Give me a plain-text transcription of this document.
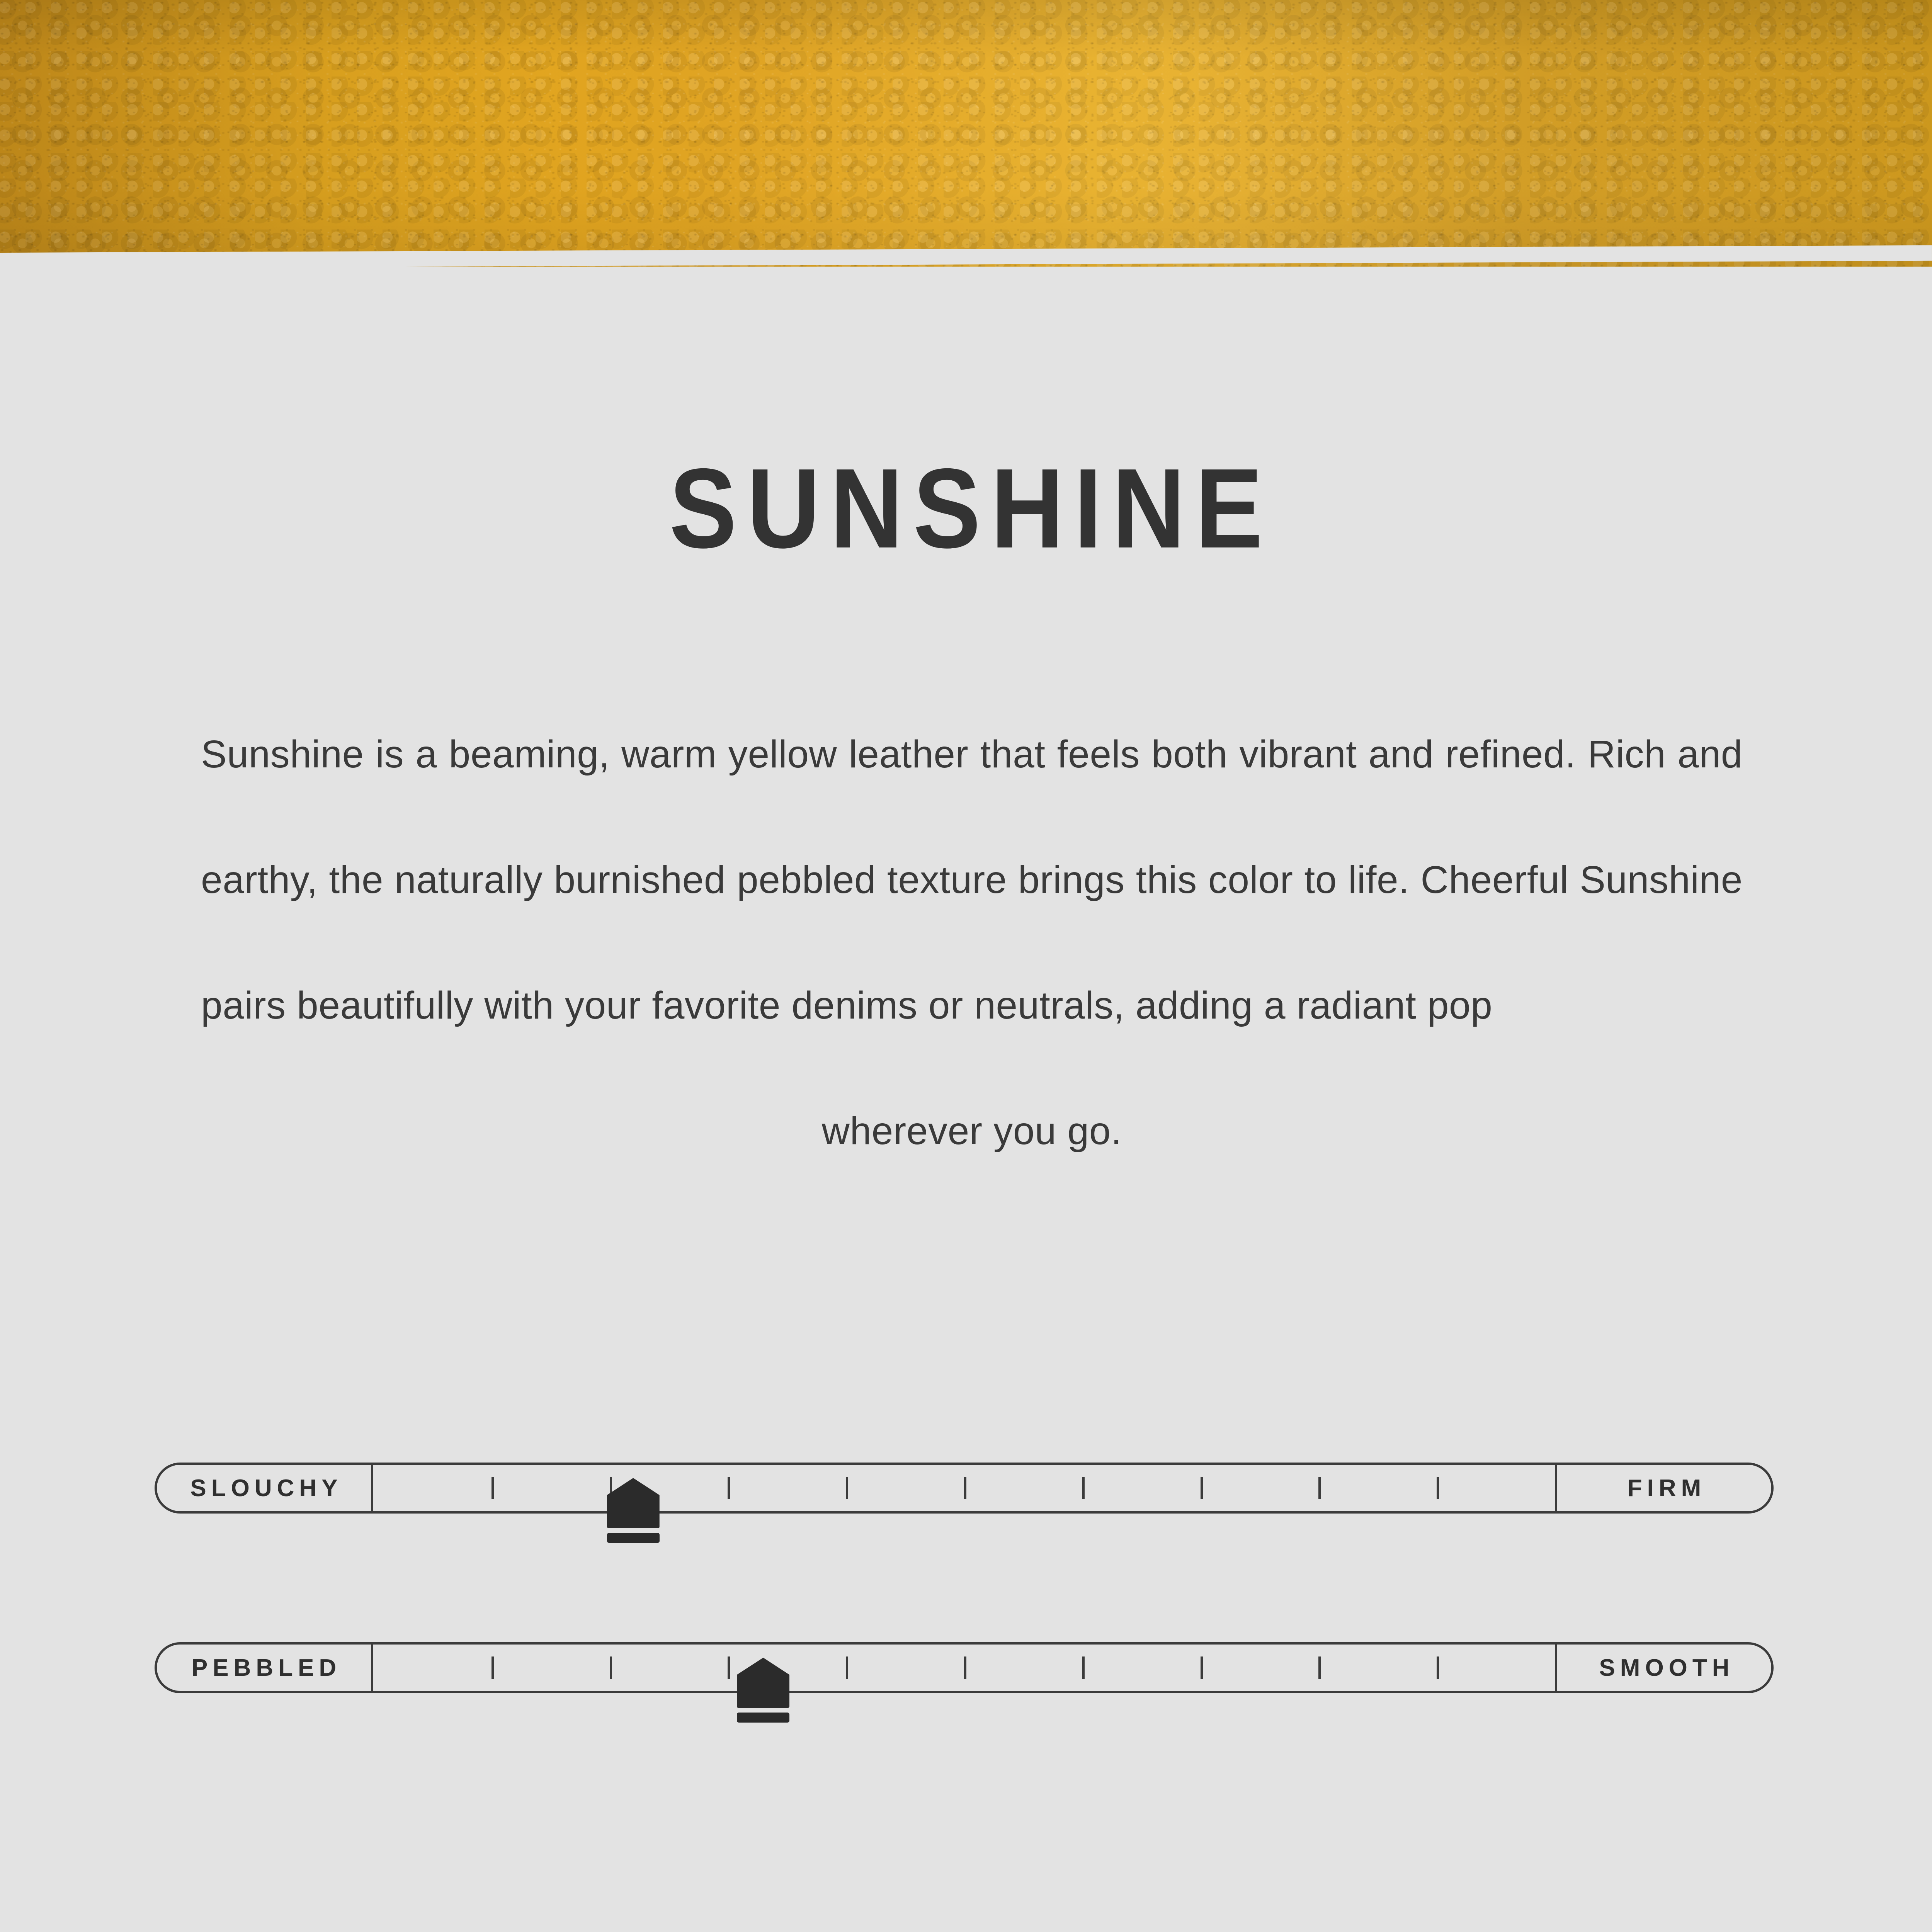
SUNSHINE

Sunshine is a beaming, warm yellow leather that feels both vibrant and refined. Rich and earthy, the naturally burnished pebbled texture brings this color to life. Cheerful Sunshine pairs beautifully with your favorite denims or neutrals, adding a radiant pop

wherever you go.
SLOUCHY	FIRM
PEBBLED	SMOOTH
